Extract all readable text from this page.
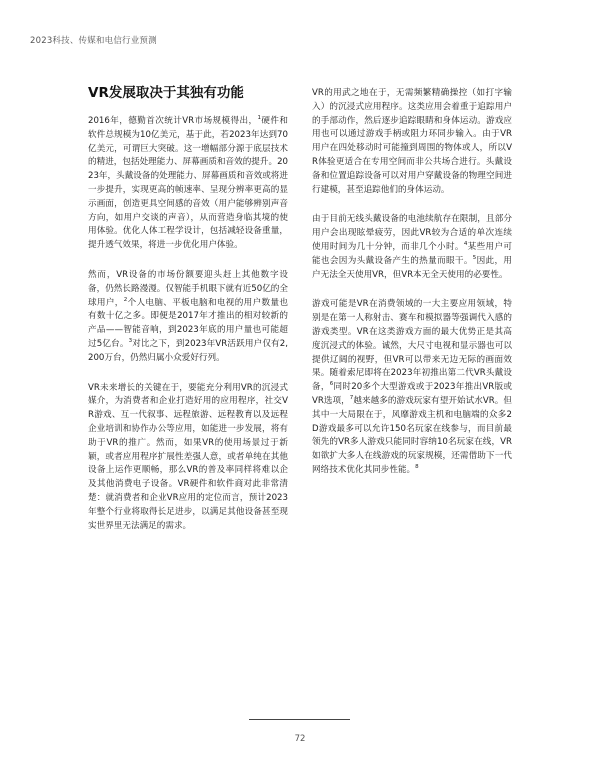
2023科技、传媒和电信行业预测
VR发展取决于其独有功能

2016年，德勤首次统计VR市场规模得出，$^1$硬件和软件总规模为10亿美元，基于此，若2023年达到70亿美元，可谓巨大突破。这一增幅部分源于底层技术的精进，包括处理能力、屏幕画质和音效的提升。2023年，头戴设备的处理能力、屏幕画质和音效或将进一步提升，实现更高的帧速率、呈现分辨率更高的显示画面，创造更具空间感的音效（用户能够辨别声音方向，如用户交谈的声音），从而营造身临其境的使用体验。优化人体工程学设计，包括减轻设备重量，提升透气效果，将进一步优化用户体验。

然而，VR设备的市场份额要迎头赶上其他数字设备，仍然长路漫漫。仅智能手机眼下就有近50亿的全球用户，$^2$个人电脑、平板电脑和电视的用户数量也有数十亿之多。即便是2017年才推出的相对较新的产品——智能音响，到2023年底的用户量也可能超过5亿台。$^3$对比之下，到2023年VR活跃用户仅有2,200万台，仍然归属小众爱好行列。

VR未来增长的关键在于，要能充分利用VR的沉浸式媒介，为消费者和企业打造好用的应用程序，社交VR游戏、互一代叙事、远程旅游、远程教育以及远程企业培训和协作办公等应用，如能进一步发展，将有助于VR的推广。然而，如果VR的使用场景过于新颖，或者应用程序扩展性差强人意，或者单纯在其他设备上运作更顺畅，那么VR的普及率同样将难以企及其他消费电子设备。VR硬件和软件商对此非常清楚：就消费者和企业VR应用的定位而言，预计2023年整个行业将取得长足进步，以满足其他设备甚至现实世界里无法满足的需求。

VR的用武之地在于，无需频繁精确操控（如打字输入）的沉浸式应用程序。这类应用会着重于追踪用户的手部动作，然后逐步追踪眼睛和身体运动。游戏应用也可以通过游戏手柄或阻力环同步输入。由于VR用户在四处移动时可能撞到周围的物体或人，所以VR体验更适合在专用空间而非公共场合进行。头戴设备和位置追踪设备可以对用户穿戴设备的物理空间进行建模，甚至追踪他们的身体运动。

由于目前无线头戴设备的电池续航存在限制，且部分用户会出现眩晕疲劳，因此VR较为合适的单次连续使用时间为几十分钟，而非几个小时。$^4$某些用户可能也会因为头戴设备产生的热量而眼干。$^5$因此，用户无法全天使用VR，但VR本无全天使用的必要性。

游戏可能是VR在消费领域的一大主要应用领域，特别是在第一人称射击、赛车和模拟器等强调代入感的游戏类型。VR在这类游戏方面的最大优势正是其高度沉浸式的体验。诚然，大尺寸电视和显示器也可以提供辽阔的视野，但VR可以带来无边无际的画面效果。随着索尼即将在2023年初推出第二代VR头戴设备，$^6$同时20多个大型游戏或于2023年推出VR版或VR选项，$^7$越来越多的游戏玩家有望开始试水VR。但其中一大局限在于，风靡游戏主机和电脑端的众多2D游戏最多可以允许150名玩家在线参与，而目前最领先的VR多人游戏只能同时容纳10名玩家在线，VR如欲扩大多人在线游戏的玩家规模，还需借助下一代网络技术优化其同步性能。$^8$

72
